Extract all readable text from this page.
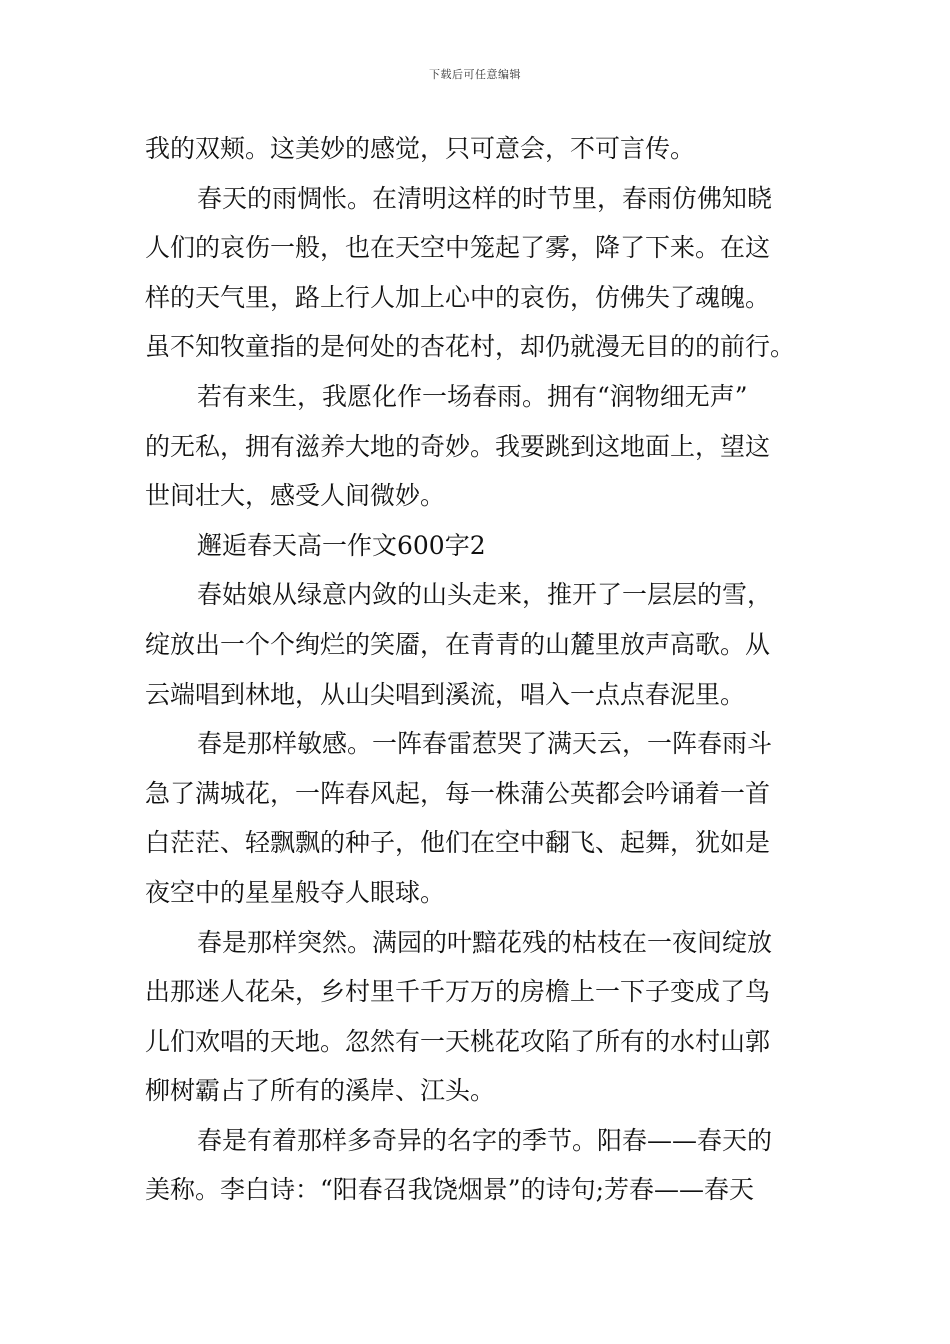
下载后可任意编辑
我的双颊。这美妙的感觉，只可意会，不可言传。
春天的雨惆怅。在清明这样的时节里，春雨仿佛知晓
人们的哀伤一般，也在天空中笼起了雾，降了下来。在这
样的天气里，路上行人加上心中的哀伤，仿佛失了魂魄。
虽不知牧童指的是何处的杏花村，却仍就漫无目的的前行。
若有来生，我愿化作一场春雨。拥有“润物细无声”
的无私，拥有滋养大地的奇妙。我要跳到这地面上，望这
世间壮大，感受人间微妙。
邂逅春天高一作文600字2
春姑娘从绿意内敛的山头走来，推开了一层层的雪，
绽放出一个个绚烂的笑靥，在青青的山麓里放声高歌。从
云端唱到林地，从山尖唱到溪流，唱入一点点春泥里。
春是那样敏感。一阵春雷惹哭了满天云，一阵春雨斗
急了满城花，一阵春风起，每一株蒲公英都会吟诵着一首
白茫茫、轻飘飘的种子，他们在空中翻飞、起舞，犹如是
夜空中的星星般夺人眼球。
春是那样突然。满园的叶黯花残的枯枝在一夜间绽放
出那迷人花朵，乡村里千千万万的房檐上一下子变成了鸟
儿们欢唱的天地。忽然有一天桃花攻陷了所有的水村山郭
柳树霸占了所有的溪岸、江头。
春是有着那样多奇异的名字的季节。阳春——春天的
美称。李白诗：“阳春召我饶烟景”的诗句;芳春——春天
